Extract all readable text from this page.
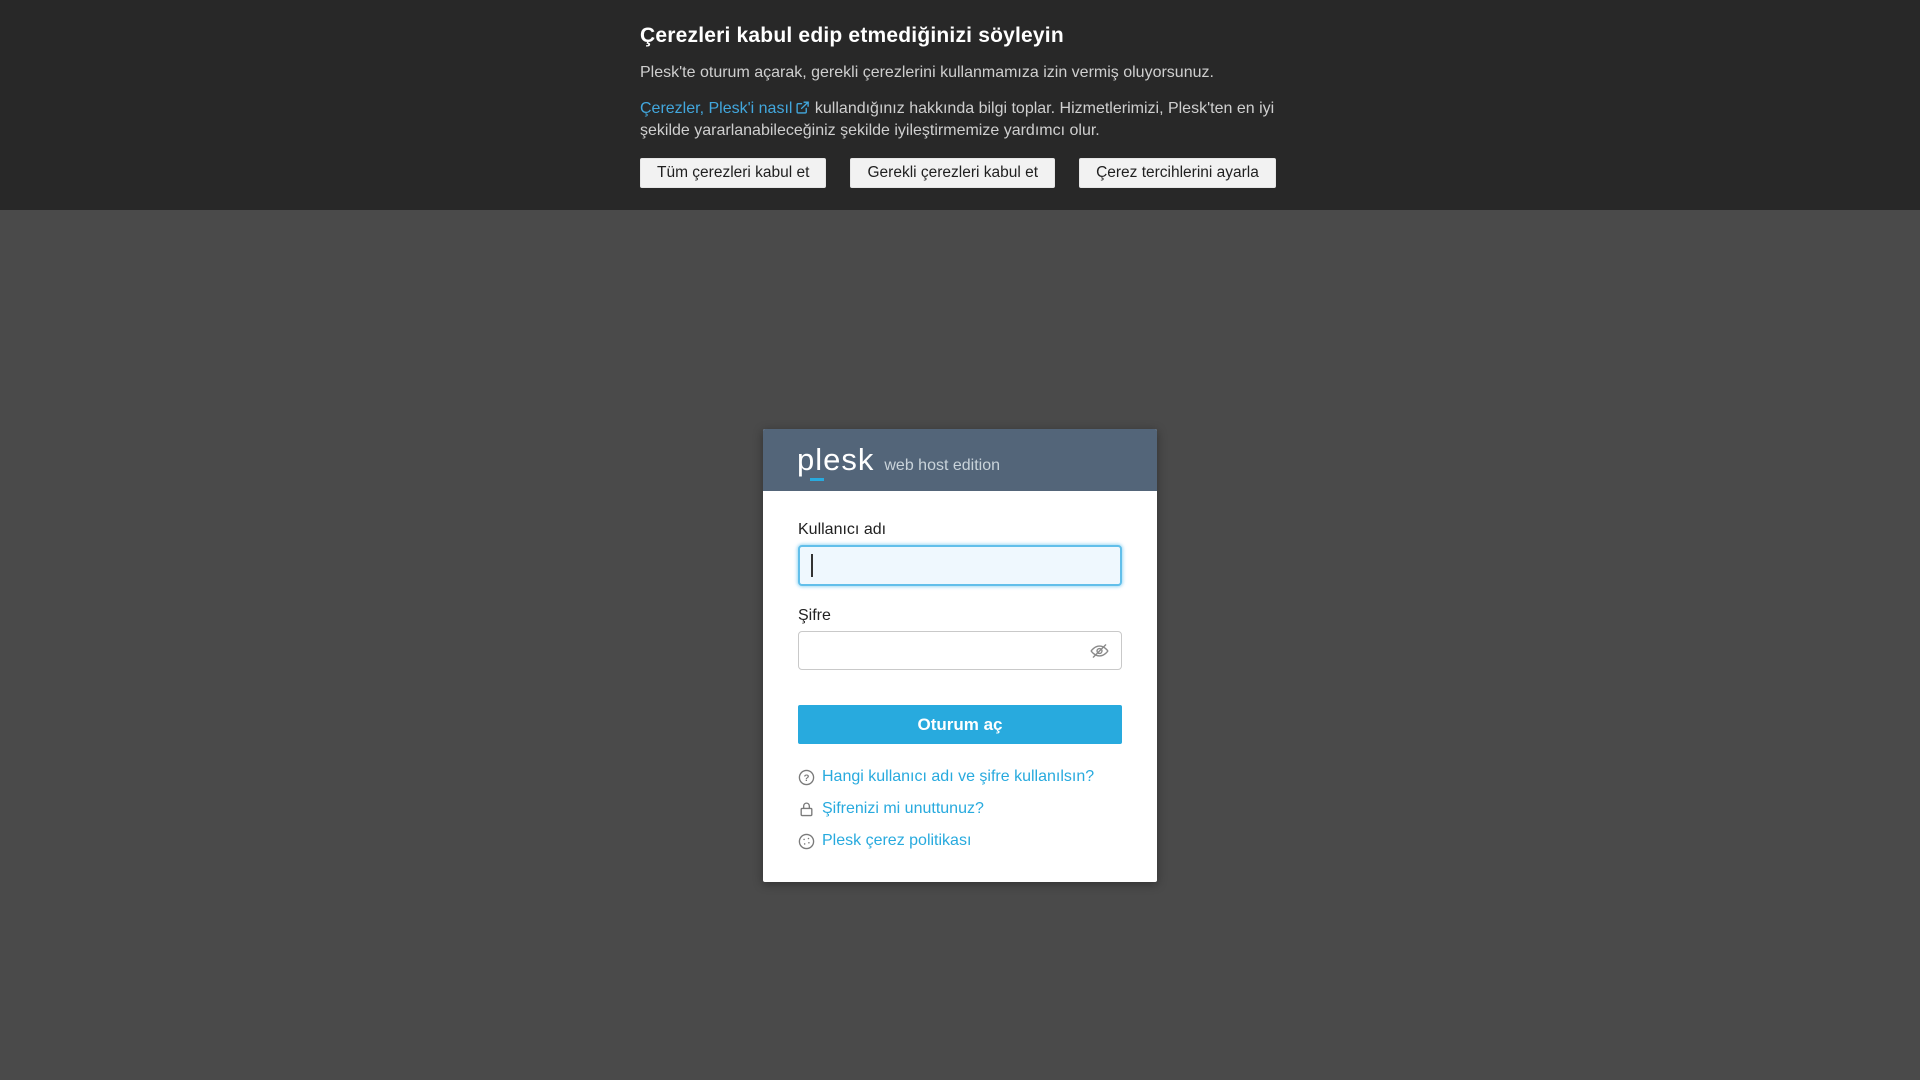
Çerezleri kabul edip etmediğinizi söyleyin

Plesk'te oturum açarak, gerekli çerezlerini kullanmamıza izin vermiş oluyorsunuz.

Çerezler, Plesk'i nasıl kullandığınız hakkında bilgi toplar. Hizmetlerimizi, Plesk'ten en iyi şekilde yararlanabileceğiniz şekilde iyileştirmemize yardımcı olur.

Tüm çerezleri kabul et	Gerekli çerezleri kabul et	Çerez tercihlerini ayarla
plesk web host edition
Kullanıcı adı
Şifre
Oturum aç
? Hangi kullanıcı adı ve şifre kullanılsın?
Şifrenizi mi unuttunuz?
Plesk çerez politikası
